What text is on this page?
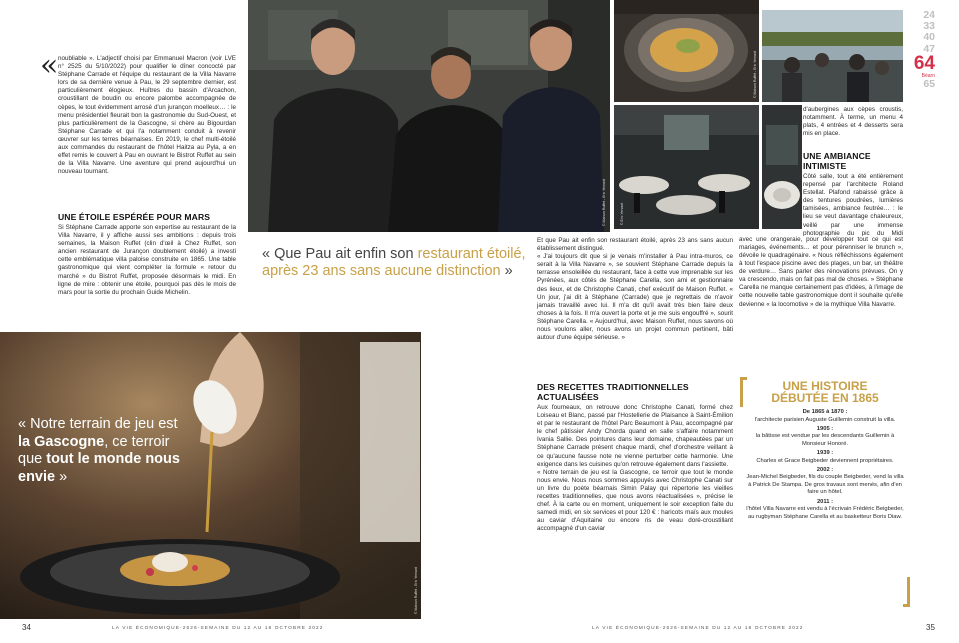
« noubliable ». L'adjectif choisi par Emmanuel Macron (voir LVE n° 2525 du 5/10/2022) pour qualifier le dîner concocté par Stéphane Carrade et l'équipe du restaurant de la Villa Navarre lors de sa dernière venue à Pau, le 29 septembre dernier, est particulièrement élogieux. Huîtres du bassin d'Arcachon, croustillant de boudin ou encore palombe accompagnée de cèpes, le tout évidemment arrosé d'un jurançon moelleux… : le menu présidentiel fleurait bon la gastronomie du Sud-Ouest, et plus particulièrement de la Gascogne, si chère au Bigourdan Stéphane Carrade et qui l'a notamment conduit à revenir œuvrer sur les terres béarnaises. En 2019, le chef multi-étoilé aux commandes du restaurant de l'hôtel Haitza au Pyla, a en effet remis le couvert à Pau en ouvrant le Bistrot Ruffet au sein de la Villa Navarre. Une aventure qui prend aujourd'hui un nouveau tournant.

UNE ÉTOILE ESPÉRÉE POUR MARS

Si Stéphane Carrade apporte son expertise au restaurant de la Villa Navarre, il y affiche aussi ses ambitions : depuis trois semaines, la Maison Ruffet (clin d'œil à Chez Ruffet, son ancien restaurant de Jurançon doublement étoilé) a investi cette emblématique villa paloise construite en 1865. Une table gastronomique qui vient compléter la formule « retour du marché » du Bistrot Ruffet, proposée désormais le midi. En ligne de mire : obtenir une étoile, pourquoi pas dès le mois de mars pour la sortie du prochain Guide Michelin.

© Maison Ruffet - Eric Yervant
© Maison Ruffet - Eric Yervant
© Eric Yervant
24
33
40
47
64
Béarn
65

d'aubergines aux cèpes croustis, notamment. À terme, un menu 4 plats, 4 entrées et 4 desserts sera mis en place.

UNE AMBIANCE
INTIMISTE

Côté salle, tout a été entièrement repensé par l'architecte Roland Estellat. Plafond rabaissé grâce à des tentures poudrées, lumières tamisées, ambiance feutrée… : le lieu se veut davantage chaleureux, veillé par une immense photographie du pic du Midi

avec une orangeraie, pour développer tout ce qui est mariages, événements… et pour pérenniser le brunch », dévoile le quadragénaire. « Nous réfléchissons également à tout l'espace piscine avec des plages, un bar, un théâtre de verdure… Sans parler des rénovations prévues. On y va crescendo, mais on fait pas mal de choses. » Stéphane Carella ne manque certainement pas d'idées, à l'image de cette nouvelle table gastronomique dont il souhaite qu'elle devienne « la locomotive » de la mythique Villa Navarre.

« Que Pau ait enfin son restaurant étoilé, après 23 ans sans aucune distinction »

Et que Pau ait enfin son restaurant étoilé, après 23 ans sans aucun établissement distingué.

« J'ai toujours dit que si je venais m'installer à Pau intra-muros, ce serait à la Villa Navarre », se souvient Stéphane Carrade depuis la terrasse ensoleillée du restaurant, face à cette vue imprenable sur les Pyrénées, aux côtés de Stéphane Carella, son ami et gestionnaire des lieux, et de Christophe Canati, chef exécutif de Maison Ruffet. « Un jour, j'ai dit à Stéphane (Carrade) que je regrettais de n'avoir jamais travaillé avec lui. Il m'a dit qu'il avait très bien faire deux choses à la fois. Il m'a ouvert la porte et je me suis engouffré », sourit Stéphane Carella. « Aujourd'hui, avec Maison Ruffet, nous savons où nous voulons aller, nous avons un projet commun pertinent, bâti autour d'une équipe sérieuse. »

DES RECETTES TRADITIONNELLES ACTUALISÉES

Aux fourneaux, on retrouve donc Christophe Canati, formé chez Loiseau et Blanc, passé par l'Hostellerie de Plaisance à Saint-Émilion et par le restaurant de l'hôtel Parc Beaumont à Pau, accompagné par le chef pâtissier Andy Chorda quand en salle s'affaire notamment Ivania Sallie. Des pointures dans leur domaine, chapeautées par un Stéphane Carrade présent chaque mardi, chef d'orchestre veillant à ce qu'aucune fausse note ne vienne perturber cette harmonie. Une exigence dans les cuisines qu'on retrouve également dans l'assiette.

« Notre terrain de jeu est la Gascogne, ce terroir que tout le monde nous envie. Nous nous sommes appuyés avec Christophe Canati sur un livre du poète béarnais Simin Palay qui répertorie les vieilles recettes traditionnelles, que nous avons réactualisées », précise le chef. À la carte ou en moment, uniquement le soir exception faite du samedi midi, en six services et pour 120 € : haricots maïs aux moules au caviar d'Aquitaine ou encore ris de veau doré-croustillant accompagné d'un caviar

© Maison Ruffet - Eric Yervant
« Notre terrain de jeu est la Gascogne, ce terroir que tout le monde nous envie »
UNE HISTOIRE
DÉBUTÉE EN 1865
De 1865 à 1870 :
l'architecte parisien Auguste Guillemin construit la villa.
1905 :
la bâtisse est vendue par les descendants Guillemin à Monsieur Honoré.
1939 :
Charles et Grace Beigbeder deviennent propriétaires.
2002 :
Jean-Michel Beigbeder, fils du couple Beigbeder, vend la villa à Patrick De Stampa. De gros travaux sont menés, afin d'en faire un hôtel.
2011 :
l'hôtel Villa Navarre est vendu à l'écrivain Frédéric Beigbeder, au rugbyman Stéphane Carella et au basketteur Boris Diaw.
34	LA VIE ÉCONOMIQUE-2526-SEMAINE DU 12 AU 18 OCTOBRE 2022	LA VIE ÉCONOMIQUE-2526-SEMAINE DU 12 AU 18 OCTOBRE 2022	35
